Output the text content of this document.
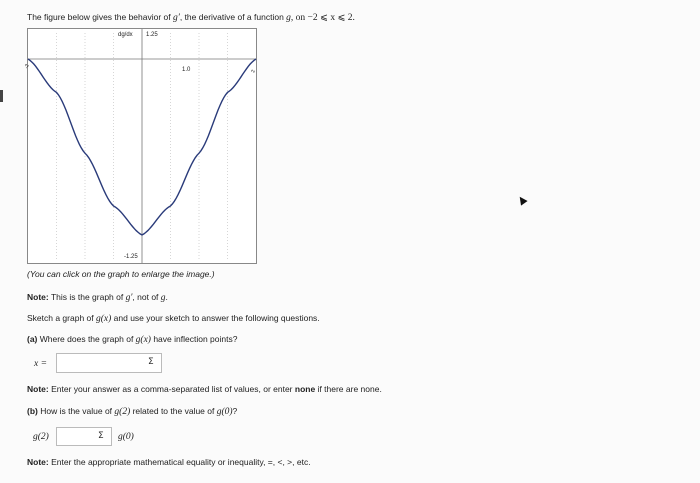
The figure below gives the behavior of g′, the derivative of a function g, on −2 ⩽ x ⩽ 2.
dg/dx 1.25
1.0
-1.25
-2
2
(You can click on the graph to enlarge the image.)
Note: This is the graph of g′, not of g.
Sketch a graph of g(x) and use your sketch to answer the following questions.
(a) Where does the graph of g(x) have inflection points?
x =	Σ
Note: Enter your answer as a comma-separated list of values, or enter none if there are none.
(b) How is the value of g(2) related to the value of g(0)?
g(2)	Σ g(0)
Note: Enter the appropriate mathematical equality or inequality, =, <, >, etc.
